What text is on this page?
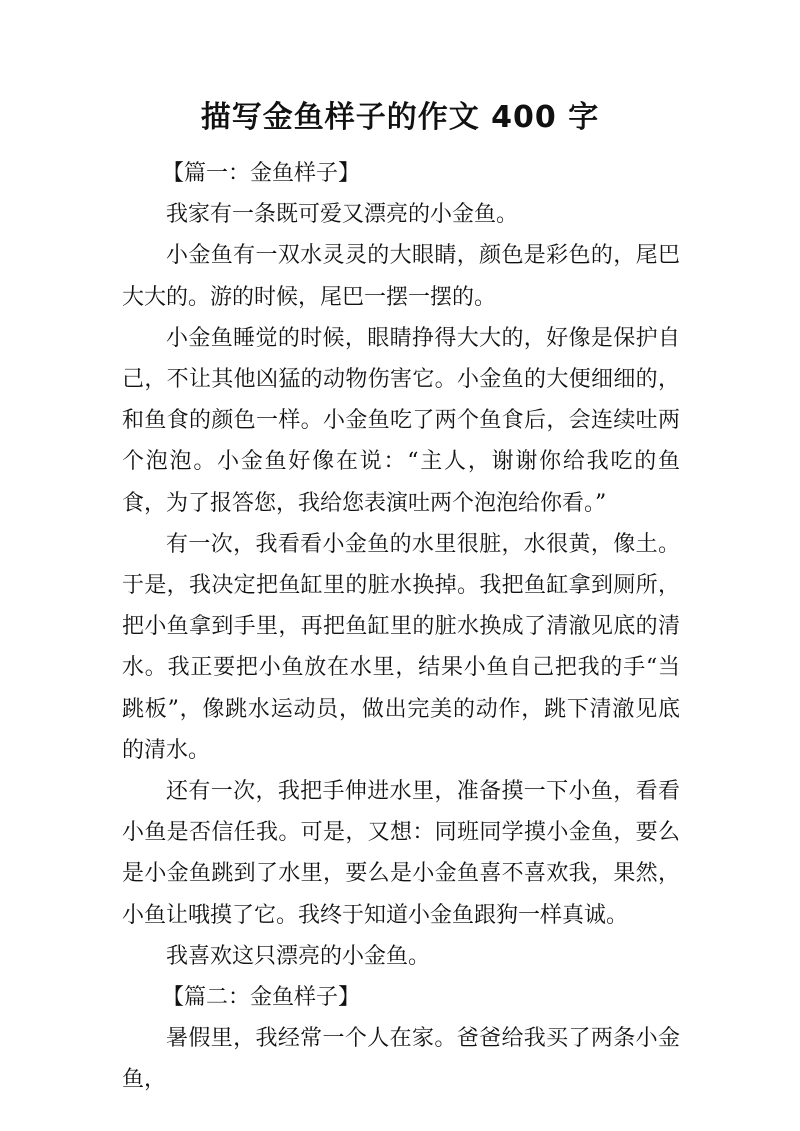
描写金鱼样子的作文 400 字

【篇一：金鱼样子】

我家有一条既可爱又漂亮的小金鱼。

小金鱼有一双水灵灵的大眼睛，颜色是彩色的，尾巴大大的。游的时候，尾巴一摆一摆的。

小金鱼睡觉的时候，眼睛挣得大大的，好像是保护自己，不让其他凶猛的动物伤害它。小金鱼的大便细细的，和鱼食的颜色一样。小金鱼吃了两个鱼食后，会连续吐两个泡泡。小金鱼好像在说：“主人，谢谢你给我吃的鱼食，为了报答您，我给您表演吐两个泡泡给你看。”

有一次，我看看小金鱼的水里很脏，水很黄，像土。于是，我决定把鱼缸里的脏水换掉。我把鱼缸拿到厕所，把小鱼拿到手里，再把鱼缸里的脏水换成了清澈见底的清水。我正要把小鱼放在水里，结果小鱼自己把我的手“当跳板”，像跳水运动员，做出完美的动作，跳下清澈见底的清水。

还有一次，我把手伸进水里，准备摸一下小鱼，看看小鱼是否信任我。可是，又想：同班同学摸小金鱼，要么是小金鱼跳到了水里，要么是小金鱼喜不喜欢我，果然，小鱼让哦摸了它。我终于知道小金鱼跟狗一样真诚。

我喜欢这只漂亮的小金鱼。

【篇二：金鱼样子】

暑假里，我经常一个人在家。爸爸给我买了两条小金鱼，
